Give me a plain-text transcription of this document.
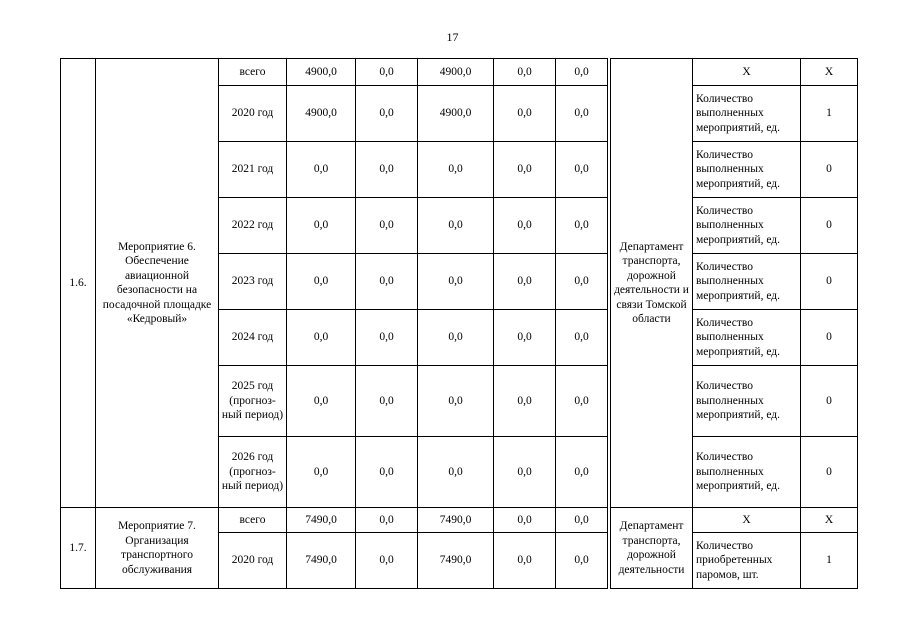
17
1.6.	Мероприятие 6. Обеспечение авиационной безопасности на посадочной площадке «Кедровый»	всего	4900,0	0,0	4900,0	0,0	0,0		Департамент транспорта, дорожной деятельности и связи Томской области	Х	Х
		2020 год	4900,0	0,0	4900,0	0,0	0,0			Количество выполненных мероприятий, ед.	1
		2021 год	0,0	0,0	0,0	0,0	0,0			Количество выполненных мероприятий, ед.	0
		2022 год	0,0	0,0	0,0	0,0	0,0			Количество выполненных мероприятий, ед.	0
		2023 год	0,0	0,0	0,0	0,0	0,0			Количество выполненных мероприятий, ед.	0
		2024 год	0,0	0,0	0,0	0,0	0,0			Количество выполненных мероприятий, ед.	0
		2025 год (прогноз-ный период)	0,0	0,0	0,0	0,0	0,0			Количество выполненных мероприятий, ед.	0
		2026 год (прогноз-ный период)	0,0	0,0	0,0	0,0	0,0			Количество выполненных мероприятий, ед.	0
1.7.	Мероприятие 7. Организация транспортного обслуживания	всего	7490,0	0,0	7490,0	0,0	0,0		Департамент транспорта, дорожной деятельности	Х	Х
		2020 год	7490,0	0,0	7490,0	0,0	0,0			Количество приобретенных паромов, шт.	1
